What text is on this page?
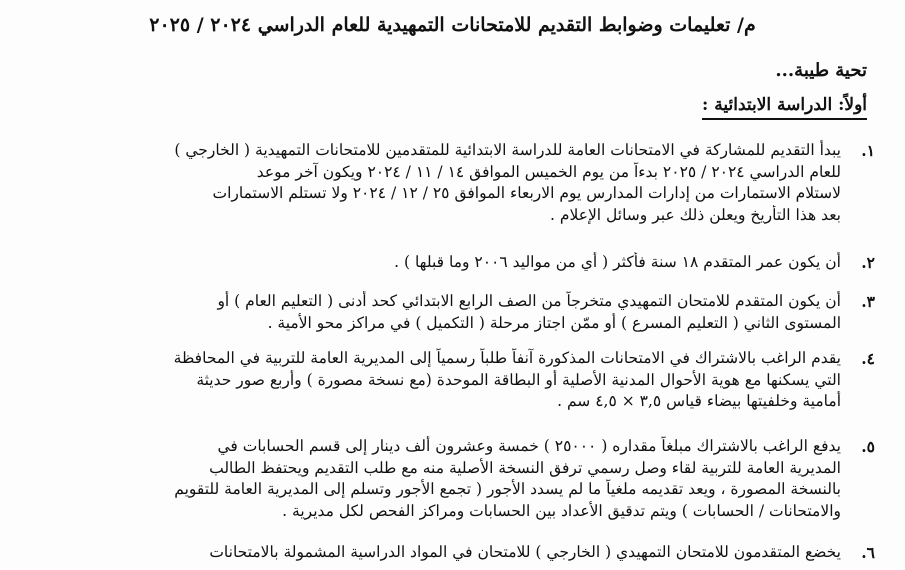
م/ تعليمات وضوابط التقديم للامتحانات التمهيدية للعام الدراسي ٢٠٢٤ / ٢٠٢٥
تحية طيبة...
أولاً: الدراسة الابتدائية :
١.
يبدأ التقديم للمشاركة في الامتحانات العامة للدراسة الابتدائية للمتقدمين للامتحانات التمهيدية ( الخارجي )
للعام الدراسي ٢٠٢٤ / ٢٠٢٥ بدءاً من يوم الخميس الموافق ١٤ / ١١ / ٢٠٢٤ ويكون آخر موعد
لاستلام الاستمارات من إدارات المدارس يوم الاربعاء الموافق ٢٥ / ١٢ / ٢٠٢٤ ولا تستلم الاستمارات
بعد هذا التأريخ ويعلن ذلك عبر وسائل الإعلام .
٢.
أن يكون عمر المتقدم ١٨ سنة فأكثر ( أي من مواليد ٢٠٠٦ وما قبلها ) .
٣.
أن يكون المتقدم للامتحان التمهيدي متخرجاً من الصف الرابع الابتدائي كحد أدنى ( التعليم العام ) أو
المستوى الثاني ( التعليم المسرع ) أو ممّن اجتاز مرحلة ( التكميل ) في مراكز محو الأمية .
٤.
يقدم الراغب بالاشتراك في الامتحانات المذكورة آنفاً طلباً رسمياً إلى المديرية العامة للتربية في المحافظة
التي يسكنها مع هوية الأحوال المدنية الأصلية أو البطاقة الموحدة (مع نسخة مصورة ) وأربع صور حديثة
أمامية وخلفيتها بيضاء قياس ٣,٥ × ٤,٥ سم .
٥.
يدفع الراغب بالاشتراك مبلغاً مقداره ( ٢٥٠٠٠ ) خمسة وعشرون ألف دينار إلى قسم الحسابات في
المديرية العامة للتربية لقاء وصل رسمي ترفق النسخة الأصلية منه مع طلب التقديم ويحتفظ الطالب
بالنسخة المصورة ، ويعد تقديمه ملغياً ما لم يسدد الأجور ( تجمع الأجور وتسلم إلى المديرية العامة للتقويم
والامتحانات / الحسابات ) ويتم تدقيق الأعداد بين الحسابات ومراكز الفحص لكل مديرية .
٦.
يخضع المتقدمون للامتحان التمهيدي ( الخارجي ) للامتحان في المواد الدراسية المشمولة بالامتحانات
